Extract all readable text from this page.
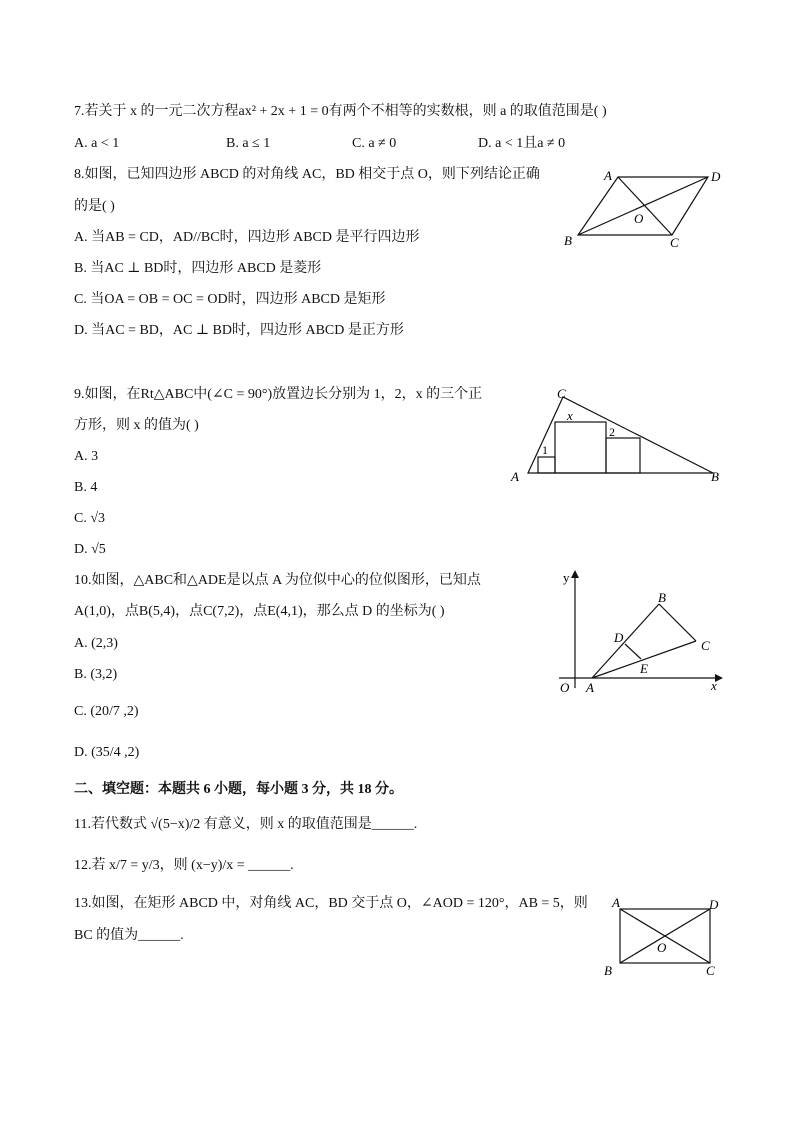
7.若关于 x 的一元二次方程ax² + 2x + 1 = 0有两个不相等的实数根，则 a 的取值范围是( )
A. a < 1	B. a ≤ 1	C. a ≠ 0	D. a < 1且a ≠ 0
8.如图，已知四边形 ABCD 的对角线 AC，BD 相交于点 O，则下列结论正确
的是( )
A. 当AB = CD，AD//BC时，四边形 ABCD 是平行四边形
B. 当AC ⊥ BD时，四边形 ABCD 是菱形
C. 当OA = OB = OC = OD时，四边形 ABCD 是矩形
D. 当AC = BD，AC ⊥ BD时，四边形 ABCD 是正方形
A	D
B	C
O
9.如图，在Rt△ABC中(∠C = 90°)放置边长分别为 1，2，x 的三个正
方形，则 x 的值为( )
A. 3
B. 4
C. √3
D. √5
C
A	B
1
2
x
10.如图，△ABC和△ADE是以点 A 为位似中心的位似图形，已知点
A(1,0)，点B(5,4)，点C(7,2)，点E(4,1)，那么点 D 的坐标为( )
A. (2,3)
B. (3,2)
C. (20/7 ,2)
D. (35/4 ,2)
y
x
O A
B
C
D
E
二、填空题：本题共 6 小题，每小题 3 分，共 18 分。
11.若代数式 √(5−x)/2 有意义，则 x 的取值范围是______.
12.若 x/7 = y/3，则 (x−y)/x = ______.
13.如图，在矩形 ABCD 中，对角线 AC，BD 交于点 O，∠AOD = 120°，AB = 5，则
BC 的值为______.
A	D
B	C
O
